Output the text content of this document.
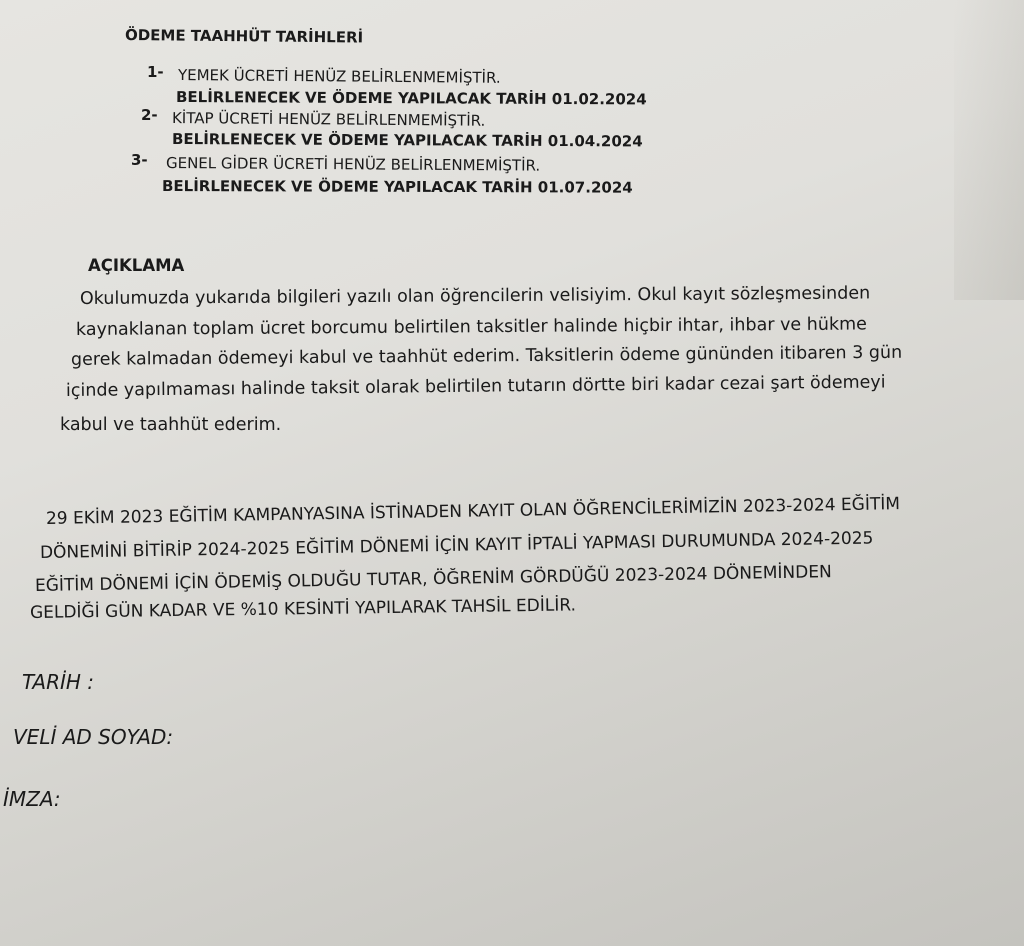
ÖDEME TAAHHÜT TARİHLERİ

1- YEMEK ÜCRETİ HENÜZ BELİRLENMEMİŞTİR.
BELİRLENECEK VE ÖDEME YAPILACAK TARİH 01.02.2024
2- KİTAP ÜCRETİ HENÜZ BELİRLENMEMİŞTİR.
BELİRLENECEK VE ÖDEME YAPILACAK TARİH 01.04.2024
3- GENEL GİDER ÜCRETİ HENÜZ BELİRLENMEMİŞTİR.
BELİRLENECEK VE ÖDEME YAPILACAK TARİH 01.07.2024

AÇIKLAMA

Okulumuzda yukarıda bilgileri yazılı olan öğrencilerin velisiyim. Okul kayıt sözleşmesinden

kaynaklanan toplam ücret borcumu belirtilen taksitler halinde hiçbir ihtar, ihbar ve hükme

gerek kalmadan ödemeyi kabul ve taahhüt ederim. Taksitlerin ödeme gününden itibaren 3 gün

içinde yapılmaması halinde taksit olarak belirtilen tutarın dörtte biri kadar cezai şart ödemeyi

kabul ve taahhüt ederim.

29 EKİM 2023 EĞİTİM KAMPANYASINA İSTİNADEN KAYIT OLAN ÖĞRENCİLERİMİZİN 2023-2024 EĞİTİM

DÖNEMİNİ BİTİRİP 2024-2025 EĞİTİM DÖNEMİ İÇİN KAYIT İPTALİ YAPMASI DURUMUNDA 2024-2025

EĞİTİM DÖNEMİ İÇİN ÖDEMİŞ OLDUĞU TUTAR, ÖĞRENİM GÖRDÜĞÜ 2023-2024 DÖNEMİNDEN

GELDİĞİ GÜN KADAR VE %10 KESİNTİ YAPILARAK TAHSİL EDİLİR.

TARİH :

VELİ AD SOYAD:

İMZA:
